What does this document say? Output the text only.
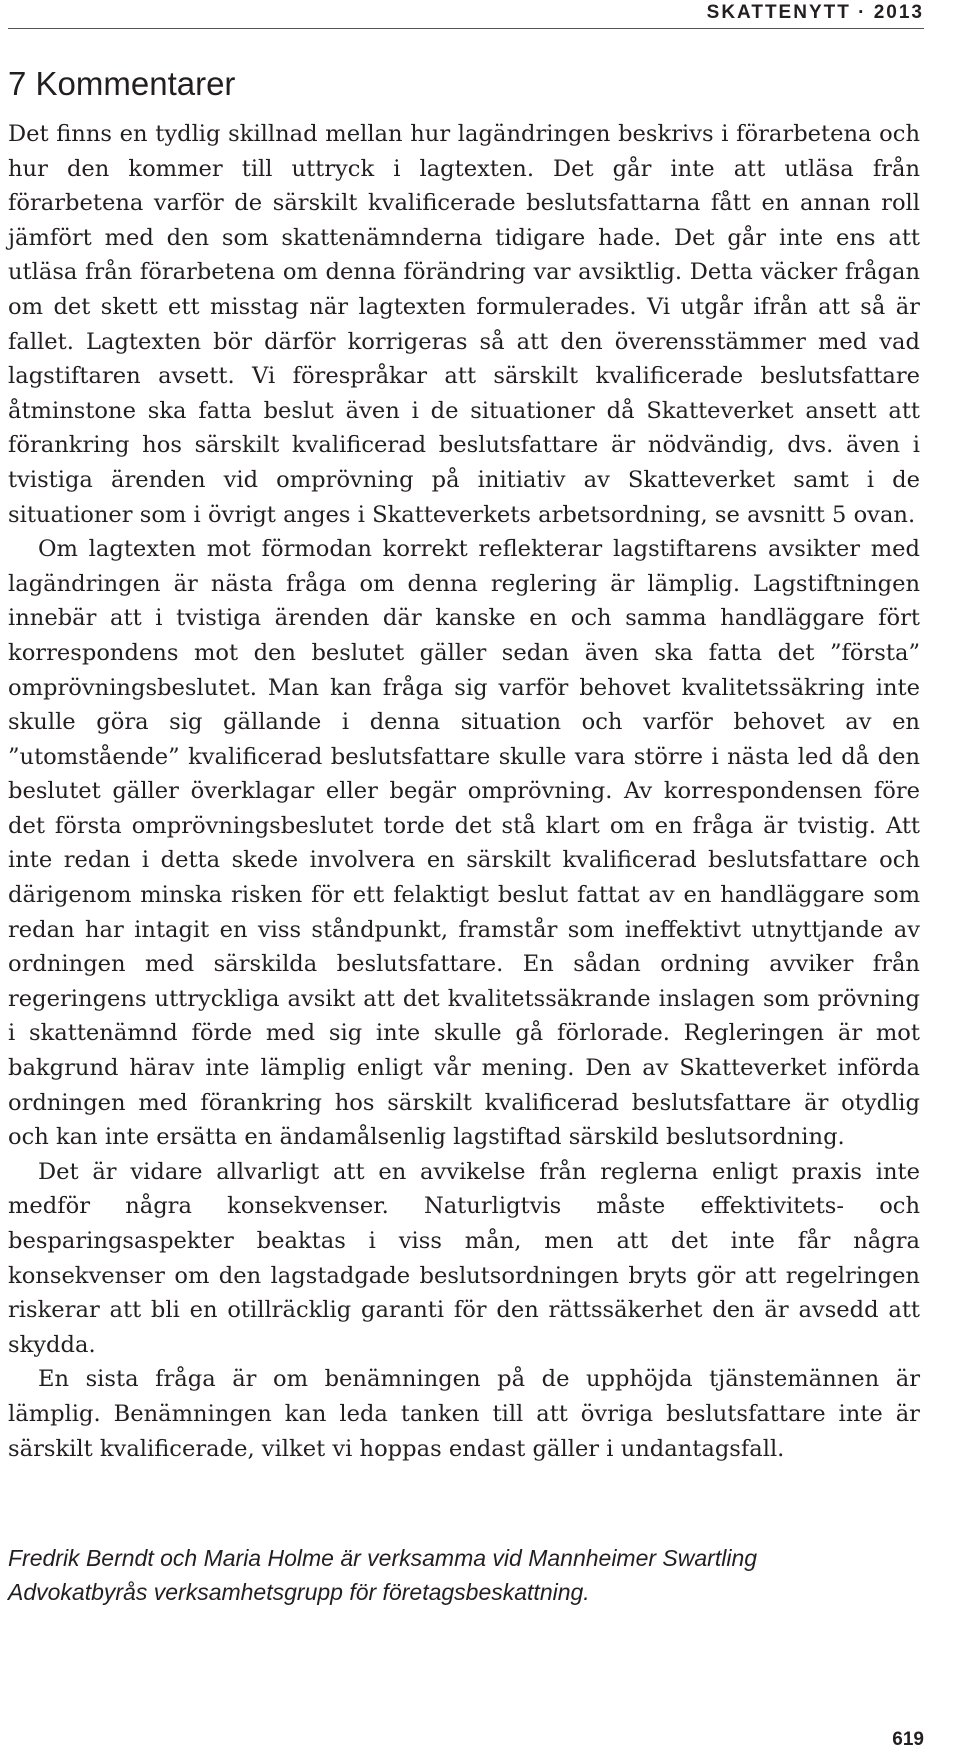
SKATTENYTT · 2013
7 Kommentarer

Det finns en tydlig skillnad mellan hur lagändringen beskrivs i förarbetena och hur den kommer till uttryck i lagtexten. Det går inte att utläsa från förarbetena varför de särskilt kvalificerade beslutsfattarna fått en annan roll jämfört med den som skattenämnderna tidigare hade. Det går inte ens att utläsa från förarbetena om denna förändring var avsiktlig. Detta väcker frågan om det skett ett misstag när lagtexten formulerades. Vi utgår ifrån att så är fallet. Lagtexten bör därför korrigeras så att den överensstämmer med vad lagstiftaren avsett. Vi förespråkar att särskilt kvalificerade beslutsfattare åtminstone ska fatta beslut även i de situationer då Skatteverket ansett att förankring hos särskilt kvalificerad beslutsfattare är nödvändig, dvs. även i tvistiga ärenden vid omprövning på initiativ av Skatteverket samt i de situationer som i övrigt anges i Skatteverkets arbetsordning, se avsnitt 5 ovan.

Om lagtexten mot förmodan korrekt reflekterar lagstiftarens avsikter med lagändringen är nästa fråga om denna reglering är lämplig. Lagstiftningen innebär att i tvistiga ärenden där kanske en och samma handläggare fört korrespondens mot den beslutet gäller sedan även ska fatta det ”första” omprövningsbeslutet. Man kan fråga sig varför behovet kvalitetssäkring inte skulle göra sig gällande i denna situation och varför behovet av en ”utomstående” kvalificerad beslutsfattare skulle vara större i nästa led då den beslutet gäller överklagar eller begär omprövning. Av korrespondensen före det första omprövningsbeslutet torde det stå klart om en fråga är tvistig. Att inte redan i detta skede involvera en särskilt kvalificerad beslutsfattare och därigenom minska risken för ett felaktigt beslut fattat av en handläggare som redan har intagit en viss ståndpunkt, framstår som ineffektivt utnyttjande av ordningen med särskilda beslutsfattare. En sådan ordning avviker från regeringens uttryckliga avsikt att det kvalitetssäkrande inslagen som prövning i skattenämnd förde med sig inte skulle gå förlorade. Regleringen är mot bakgrund härav inte lämplig enligt vår mening. Den av Skatteverket införda ordningen med förankring hos särskilt kvalificerad beslutsfattare är otydlig och kan inte ersätta en ändamålsenlig lagstiftad särskild beslutsordning.

Det är vidare allvarligt att en avvikelse från reglerna enligt praxis inte medför några konsekvenser. Naturligtvis måste effektivitets- och besparingsaspekter beaktas i viss mån, men att det inte får några konsekvenser om den lagstadgade beslutsordningen bryts gör att regelringen riskerar att bli en otillräcklig garanti för den rättssäkerhet den är avsedd att skydda.

En sista fråga är om benämningen på de upphöjda tjänstemännen är lämplig. Benämningen kan leda tanken till att övriga beslutsfattare inte är särskilt kvalificerade, vilket vi hoppas endast gäller i undantagsfall.

Fredrik Berndt och Maria Holme är verksamma vid Mannheimer Swartling
Advokatbyrås verksamhetsgrupp för företagsbeskattning.
619
